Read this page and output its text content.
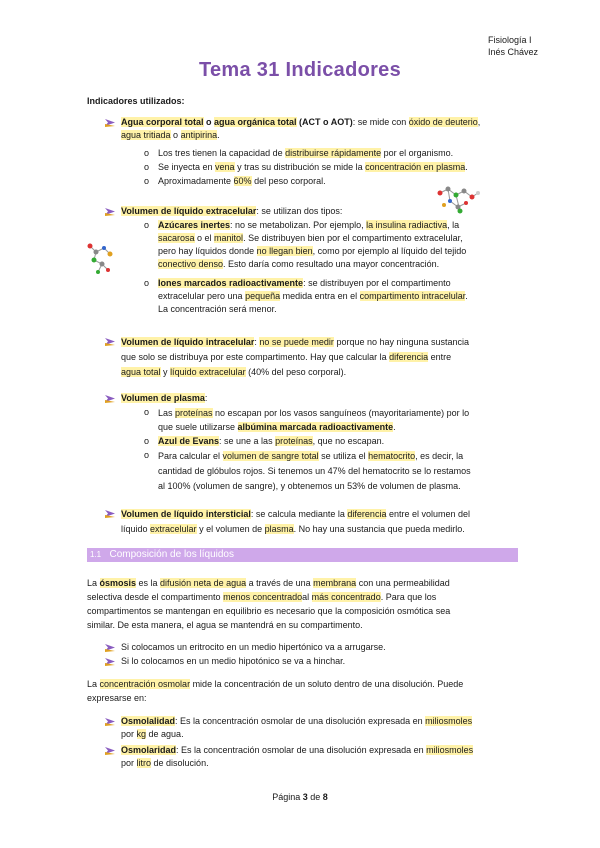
Fisiología I
Inés Chávez
Tema 31 Indicadores
Indicadores utilizados:
Agua corporal total o agua orgánica total (ACT o AOT): se mide con óxido de deuterio,
agua tritiada o antipirina.
o Los tres tienen la capacidad de distribuirse rápidamente por el organismo.
o Se inyecta en vena y tras su distribución se mide la concentración en plasma.
o Aproximadamente 60% del peso corporal.
Volumen de líquido extracelular: se utilizan dos tipos:
o Azúcares inertes: no se metabolizan. Por ejemplo, la insulina radiactiva, la
sacarosa o el manitol. Se distribuyen bien por el compartimento extracelular,
pero hay líquidos donde no llegan bien, como por ejemplo al líquido del tejido
conectivo denso. Esto daría como resultado una mayor concentración.
o Iones marcados radioactivamente: se distribuyen por el compartimento
extracelular pero una pequeña medida entra en el compartimento intracelular.
La concentración será menor.
Volumen de líquido intracelular: no se puede medir porque no hay ninguna sustancia
que solo se distribuya por este compartimento. Hay que calcular la diferencia entre
agua total y líquido extracelular (40% del peso corporal).
Volumen de plasma:
o Las proteínas no escapan por los vasos sanguíneos (mayoritariamente) por lo
que suele utilizarse albúmina marcada radioactivamente.
o Azul de Evans: se une a las proteínas, que no escapan.
o Para calcular el volumen de sangre total se utiliza el hematocrito, es decir, la
cantidad de glóbulos rojos. Si tenemos un 47% del hematocrito se lo restamos
al 100% (volumen de sangre), y obtenemos un 53% de volumen de plasma.
Volumen de líquido intersticial: se calcula mediante la diferencia entre el volumen del
líquido extracelular y el volumen de plasma. No hay una sustancia que pueda medirlo.
1.1 Composición de los líquidos
La ósmosis es la difusión neta de agua a través de una membrana con una permeabilidad
selectiva desde el compartimento menos concentradoal más concentrado. Para que los
compartimentos se mantengan en equilibrio es necesario que la composición osmótica sea
similar. De esta manera, el agua se mantendrá en su compartimento.
Si colocamos un eritrocito en un medio hipertónico va a arrugarse.
Si lo colocamos en un medio hipotónico se va a hinchar.
La concentración osmolar mide la concentración de un soluto dentro de una disolución. Puede
expresarse en:
Osmolalidad: Es la concentración osmolar de una disolución expresada en miliosmoles
por kg de agua.
Osmolaridad: Es la concentración osmolar de una disolución expresada en miliosmoles
por litro de disolución.
Página 3 de 8
